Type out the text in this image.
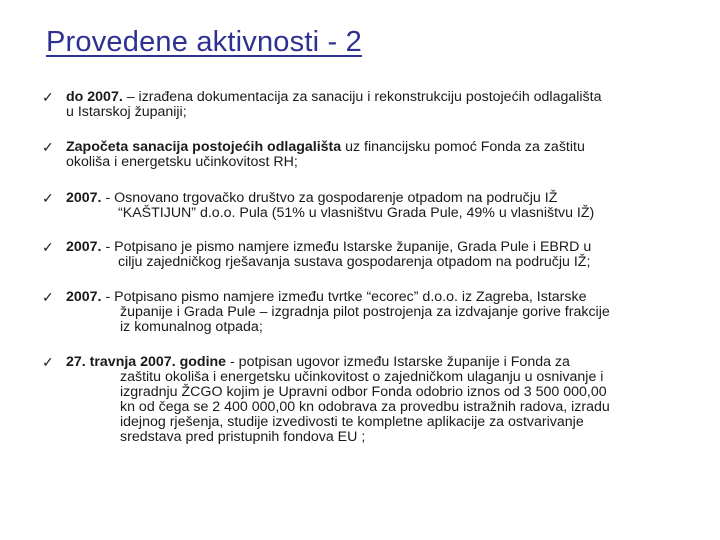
Provedene aktivnosti - 2
✓ do 2007. – izrađena dokumentacija za sanaciju i rekonstrukciju postojećih odlagališta
u Istarskoj županiji;
✓ Započeta sanacija postojećih odlagališta uz financijsku pomoć Fonda za zaštitu
okoliša i energetsku učinkovitost RH;
✓ 2007. - Osnovano trgovačko društvo za gospodarenje otpadom na području IŽ
“KAŠTIJUN” d.o.o. Pula (51% u vlasništvu Grada Pule, 49% u vlasništvu IŽ)
✓ 2007. - Potpisano je pismo namjere između Istarske županije, Grada Pule i EBRD u
cilju zajedničkog rješavanja sustava gospodarenja otpadom na području IŽ;
✓ 2007. - Potpisano pismo namjere između tvrtke “ecorec” d.o.o. iz Zagreba, Istarske
županije i Grada Pule – izgradnja pilot postrojenja za izdvajanje gorive frakcije
iz komunalnog otpada;
✓ 27. travnja 2007. godine - potpisan ugovor između Istarske županije i Fonda za
zaštitu okoliša i energetsku učinkovitost o zajedničkom ulaganju u osnivanje i
izgradnju ŽCGO kojim je Upravni odbor Fonda odobrio iznos od 3 500 000,00
kn od čega se 2 400 000,00 kn odobrava za provedbu istražnih radova, izradu
idejnog rješenja, studije izvedivosti te kompletne aplikacije za ostvarivanje
sredstava pred pristupnih fondova EU ;
